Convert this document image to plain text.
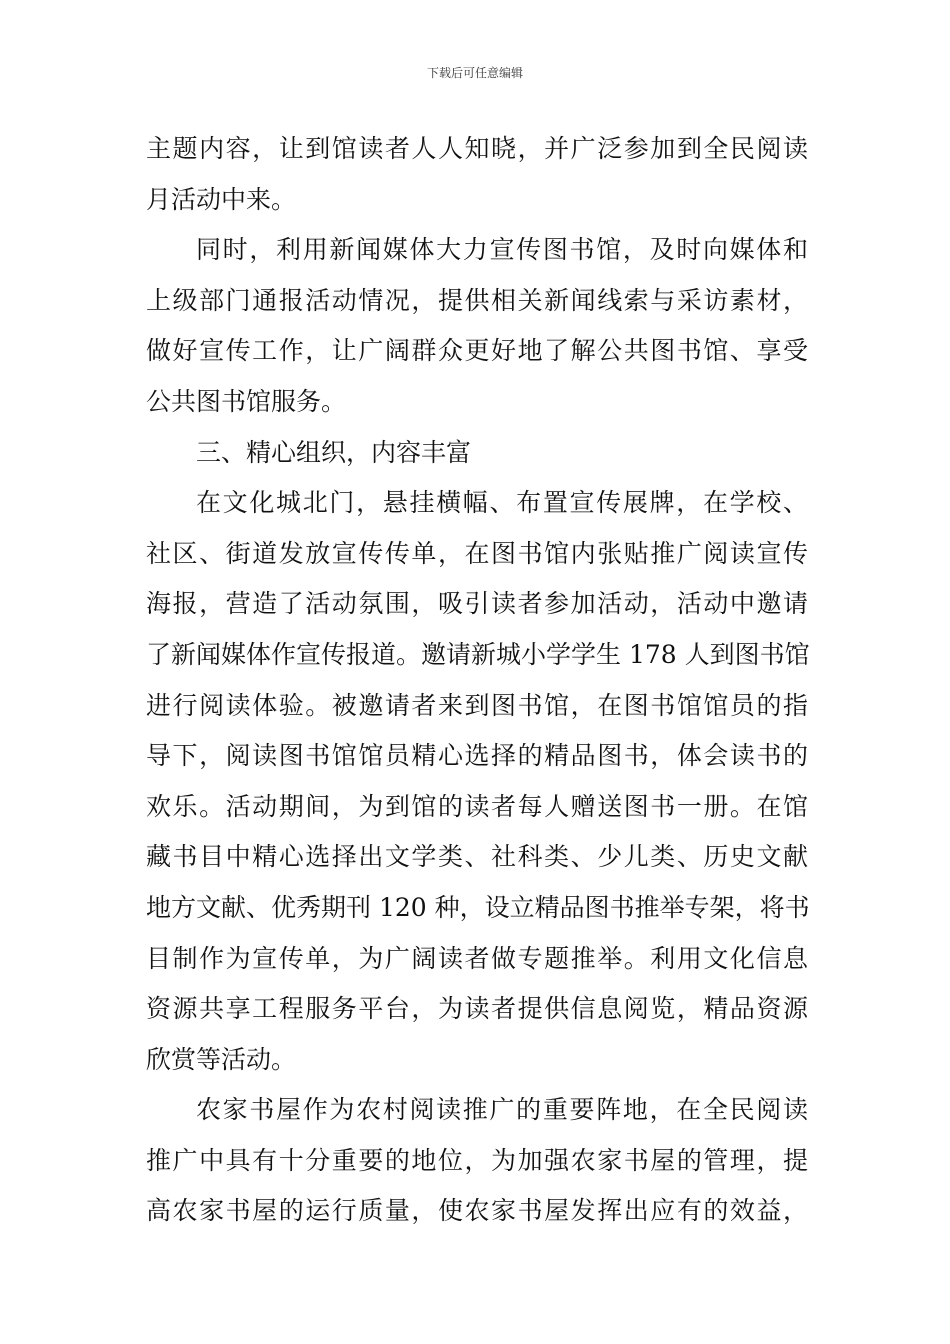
下载后可任意编辑
主题内容，让到馆读者人人知晓，并广泛参加到全民阅读
月活动中来。
同时，利用新闻媒体大力宣传图书馆，及时向媒体和
上级部门通报活动情况，提供相关新闻线索与采访素材，
做好宣传工作，让广阔群众更好地了解公共图书馆、享受
公共图书馆服务。
三、精心组织，内容丰富
在文化城北门，悬挂横幅、布置宣传展牌，在学校、
社区、街道发放宣传传单，在图书馆内张贴推广阅读宣传
海报，营造了活动氛围，吸引读者参加活动，活动中邀请
了新闻媒体作宣传报道。邀请新城小学学生 178 人到图书馆
进行阅读体验。被邀请者来到图书馆，在图书馆馆员的指
导下，阅读图书馆馆员精心选择的精品图书，体会读书的
欢乐。活动期间，为到馆的读者每人赠送图书一册。在馆
藏书目中精心选择出文学类、社科类、少儿类、历史文献
地方文献、优秀期刊 120 种，设立精品图书推举专架，将书
目制作为宣传单，为广阔读者做专题推举。利用文化信息
资源共享工程服务平台，为读者提供信息阅览，精品资源
欣赏等活动。
农家书屋作为农村阅读推广的重要阵地，在全民阅读
推广中具有十分重要的地位，为加强农家书屋的管理，提
高农家书屋的运行质量，使农家书屋发挥出应有的效益，
